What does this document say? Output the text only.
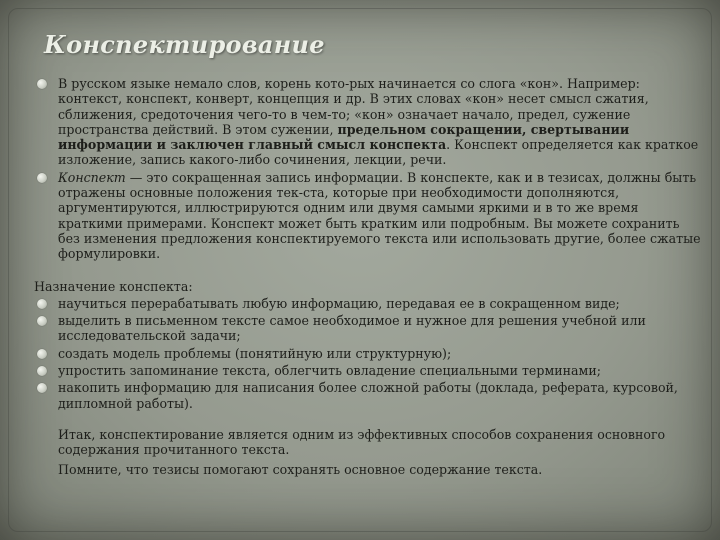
Конспектирование
В русском языке немало слов, корень кото-рых начинается со слога «кон». Например: контекст, конспект, конверт, концепция и др. В этих словах «кон» несет смысл сжатия, сближения, средоточения чего-то в чем-то; «кон» означает начало, предел, сужение пространства действий. В этом сужении, предельном сокращении, свертывании информации и заключен главный смысл конспекта. Конспект определяется как краткое изложение, запись какого-либо сочинения, лекции, речи.
Конспект — это сокращенная запись информации. В конспекте, как и в тезисах, должны быть отражены основные положения тек-ста, которые при необходимости дополняются, аргументируются, иллюстрируются одним или двумя самыми яркими и в то же время краткими примерами. Конспект может быть кратким или подробным. Вы можете сохранить без изменения предложения конспектируемого текста или использовать другие, более сжатые формулировки.
Назначение конспекта:
научиться перерабатывать любую информацию, передавая ее в сокращенном виде;
выделить в письменном тексте самое необходимое и нужное для решения учебной или исследовательской задачи;
создать модель проблемы (понятийную или структурную);
упростить запоминание текста, облегчить овладение специальными терминами;
накопить информацию для написания более сложной работы (доклада, реферата, курсовой, дипломной работы).

Итак, конспектирование является одним из эффективных способов сохранения основного содержания прочитанного текста.

Помните, что тезисы помогают сохранять основное содержание текста.
